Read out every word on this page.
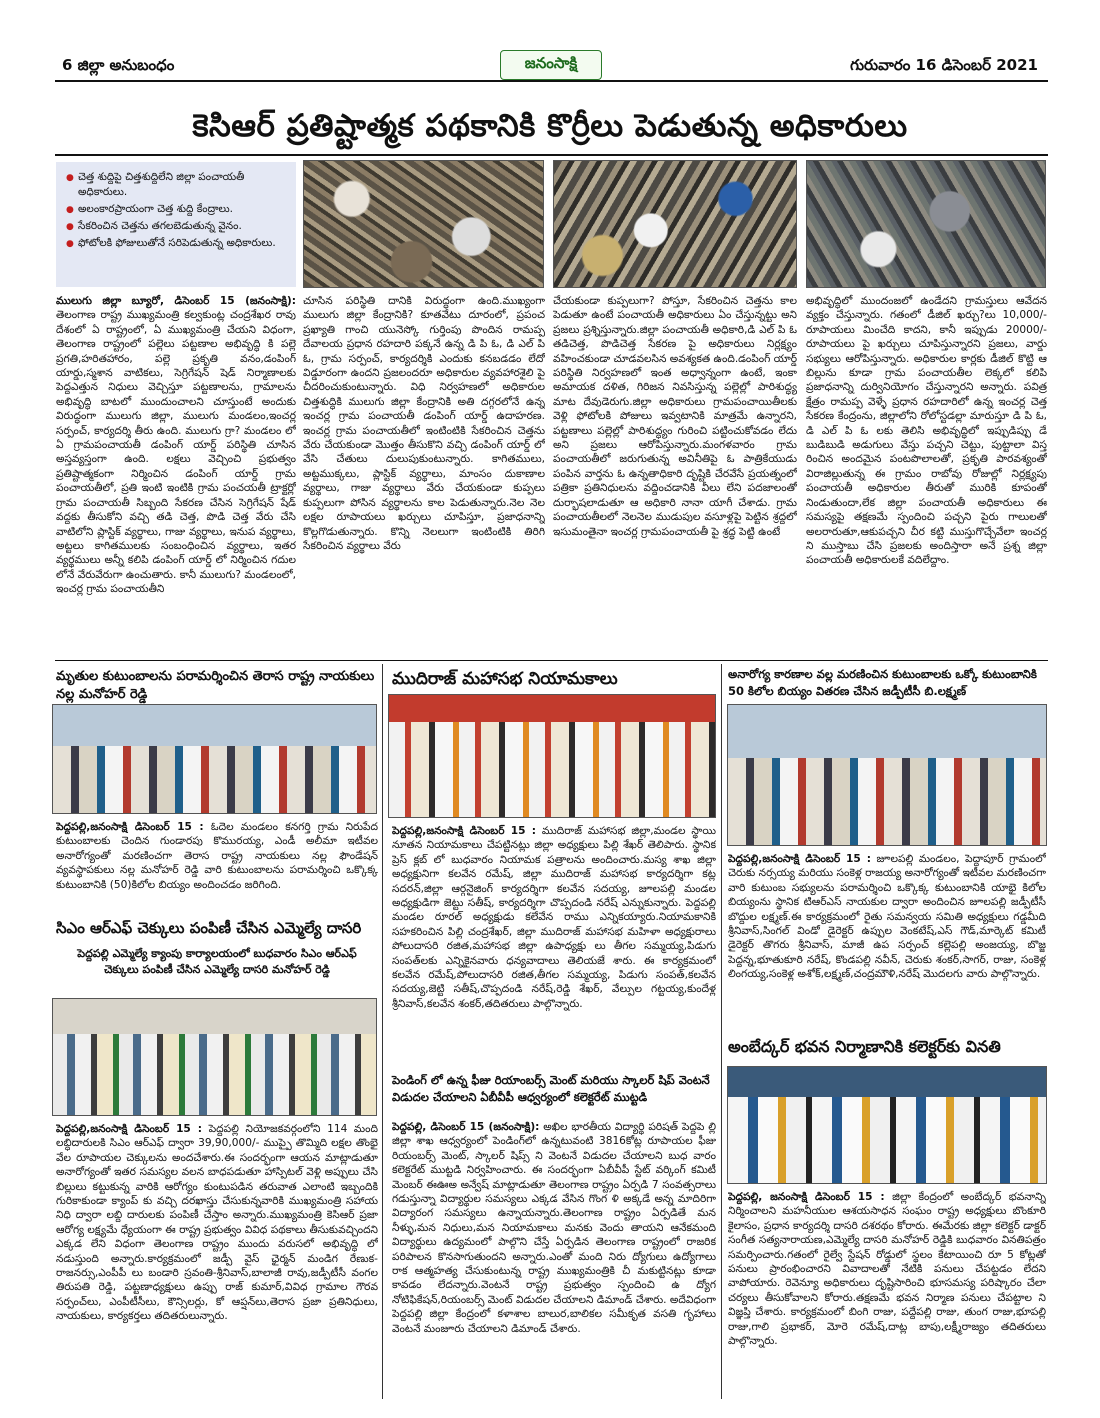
6 జిల్లా అనుబంధం	జనంసాక్షి	గురువారం 16 డిసెంబర్ 2021
కెసిఆర్ ప్రతిష్టాత్మక పథకానికి కొర్రీలు పెడుతున్న అధికారులు
● చెత్త శుద్దిపై చిత్తశుద్దిలేని జిల్లా పంచాయతీ అధికారులు.
● అలంకారప్రాయంగా చెత్త శుద్ది కేంద్రాలు.
● సేకరించిన చెత్తను తగలబెడుతున్న వైనం.
● ఫోటోలకి ఫోజులుతోనే సరిపెడుతున్న అధికారులు.
ములుగు జిల్లా బ్యూరో, డిసెంబర్ 15 (జనంసాక్షి): తెలంగాణ రాష్ట్ర ముఖ్యమంత్రి కల్వకుంట్ల చంద్రశేఖర రావు దేశంలో ఏ రాష్ట్రంలో, ఏ ముఖ్యమంత్రి చేయని విధంగా, తెలంగాణ రాష్ట్రంలో పల్లెలు పట్టణాల అభివృద్ధి కి పల్లె ప్రగతి,హరితహారం, పల్లె ప్రకృతి వనం,డంపింగ్ యార్డు,స్మశాన వాటికలు, సెగ్రిగేషన్ షెడ్ నిర్మాణాలకు పెద్దఎత్తున నిధులు వెచ్చిస్తూ పట్టణాలను, గ్రామాలను అభివృద్ధి బాటలో ముందుంచాలని చూస్తుంటే అందుకు విరుద్ధంగా ములుగు జిల్లా, ములుగు మండలం,ఇంచర్ల సర్పంచ్, కార్యదర్శి తీరు ఉంది. ములుగు గ్రా? మండలం లో ఏ గ్రామపంచాయతీ డంపింగ్ యార్డ్ పరిస్థితి చూసిన అస్తవ్యస్తంగా ఉంది. లక్షలు వెచ్చించి ప్రభుత్వం ప్రతిష్టాత్మకంగా నిర్మించిన డంపింగ్ యార్డ్ గ్రామ పంచాయతీలో, ప్రతి ఇంటి ఇంటికి గ్రామ పంచయతీ ట్రాక్టర్లో గ్రామ పంచాయతీ సిబ్బంది సేకరణ చేసిన సెగ్రిగేషన్ షేడ్ వద్దకు తీసుకోని వచ్చి తడి చెత్త, పొడి చెత్త వేరు చేసి వాటిలోని ప్లాస్టిక్ వ్యర్థాలు, గాజు వ్యర్థాలు, ఇనుప వ్యర్థాలు, అట్టలు కాగితములకు సంబంధించిన వ్యర్థాలు, ఇతర వ్యర్థములు అన్నీ కలిపి డంపింగ్ యార్డ్ లో నిర్మించిన గదుల లోనే వేరువేరుగా ఉంచుతారు. కానీ ములుగు? మండలంలో, ఇంచర్ల గ్రామ పంచాయతీని
చూసిన పరిస్థితి దానికి విరుద్ధంగా ఉంది.ముఖ్యంగా ములుగు జిల్లా కేంద్రానికి? కూతవేటు దూరంలో, ప్రపంచ ప్రఖ్యాతి గాంచి యునెస్కో గుర్తింపు పొందిన రామప్ప దేవాలయ ప్రధాన రహదారి పక్కనే ఉన్న డి పి ఓ, డి ఎల్ పి ఓ, గ్రామ సర్పంచ్, కార్యదర్శికి ఎందుకు కనబడడం లేదో విడ్డూరంగా ఉందని ప్రజలందరూ అధికారుల వ్యవహారశైలి పై చీదరించుకుంటున్నారు. విధి నిర్వహణలో అధికారుల చిత్తశుద్ధికి ములుగు జిల్లా కేంద్రానికి అతి దగ్గరలోనే ఉన్న ఇంచర్ల గ్రామ పంచాయతీ డంపింగ్ యార్డ్ ఉదాహరణ. ఇంచర్ల గ్రామ పంచాయతీలో ఇంటింటికి సేకరించిన చెత్తను వేరు చేయకుండా మొత్తం తీసుకొని వచ్చి డంపింగ్ యార్డ్ లో వేసి చేతులు దులుపుకుంటున్నారు. కాగితములు, అట్టముక్కలు, ప్లాస్టిక్ వ్యర్థాలు, మాంసం దుకాణాల వ్యర్థాలు, గాజు వ్యర్థాలు వేరు చేయకుండా కుప్పలు కుప్పలుగా పోసిన వ్యర్థాలను కాల పెడుతున్నారు.నెల నెల లక్షల రూపాయలు ఖర్చులు చూపిస్తూ, ప్రజాధనాన్ని కొల్లగొడుతున్నారు. కొన్ని నెలలుగా ఇంటింటికి తిరిగి సేకరించిన వ్యర్థాలు వేరు
చేయకుండా కుప్పలుగా? పోస్తూ, సేకరించిన చెత్తను కాల పెడుతూ ఉంటే పంచాయతీ అధికారులు ఏం చేస్తున్నట్టు అని ప్రజలు ప్రశ్నిస్తున్నారు.జిల్లా పంచాయతీ అధికారి,డి ఎల్ పి ఓ తడిచెత్త, పొడిచెత్త సేకరణ పై అధికారులు నిర్లక్ష్యం వహించకుండా చూడవలసిన అవశ్యకత ఉంది.డంపింగ్ యార్డ్ పరిస్థితి నిర్వహణలో ఇంత అధ్వాన్నంగా ఉంటే, ఇంకా అమాయక దళిత, గిరిజన నివసిస్తున్న పల్లెల్లో పారిశుద్ధ్య మాట దేవుడెరుగు.జిల్లా అధికారులు గ్రామపంచాయితీలకు వెళ్లి ఫోటోలకి పోజులు ఇవ్వటానికి మాత్రమే ఉన్నారని, పట్టణాలు పల్లెల్లో పారిశుద్ధ్యం గురించి పట్టించుకోవడం లేదు అని ప్రజలు ఆరోపిస్తున్నారు.మంగళవారం గ్రామ పంచాయతీలో జరుగుతున్న అవినీతిపై ఓ పాత్రికేయుడు పంపిన వార్తను ఓ ఉన్నతాధికారి దృష్టికి చేరవేసే ప్రయత్నంలో పత్రికా ప్రతినిధులను వద్దించడానికి వీలు లేని పదజాలంతో దుర్భాషలాడుతూ ఆ అధికారి నానా యాగీ చేశాడు. గ్రామ పంచాయతీలలో నెలనెల ముడుపుల వసూళ్లపై పెట్టిన శ్రద్దలో ఇసుమంతైనా ఇంచర్ల గ్రామపంచాయతీ పై శ్రద్ధ పెట్టి ఉంటే
అభివృద్ధిలో ముందంజలో ఉండేదని గ్రామస్తులు ఆవేదన వ్యక్తం చేస్తున్నారు. గతంలో డీజిల్ ఖర్చు?లు 10,000/- రూపాయలు మించేది కాదని, కానీ ఇప్పుడు 20000/- రూపాయలు పై ఖర్చులు చూపిస్తున్నారని ప్రజలు, వార్డు సభ్యులు ఆరోపిస్తున్నారు. అధికారుల కార్లకు డీజిల్ కొట్టి ఆ బిల్లును కూడా గ్రామ పంచాయతీల లెక్కలో కలిపి ప్రజాధనాన్ని దుర్వినియోగం చేస్తున్నారని అన్నారు. పవిత్ర క్షేత్రం రామప్ప వెళ్ళే ప్రధాన రహదారిలో ఉన్న ఇంచర్ల చెత్త సేకరణ కేంద్రంను, జిల్లాలోని రోలోస్టడల్లా మారుస్తూ డి పి ఓ, డి ఎల్ పి ఓ లకు తెలిసి అభివృద్ధిలో ఇప్పుడిప్పు డే బుడిబుడి అడుగులు వేస్తు పచ్చని చెట్టు, పుట్టాలా విస్త రించిన అందమైన పంటపొలాలతో, ప్రకృతి పారవశ్యంతో విరాజిల్లుతున్న ఈ గ్రామం రాబోవు రోజుల్లో నిర్లక్ష్యపు పంచాయతీ అధికారుల తీరుతో మురికి కూపంతో నిండుతుందా,లేక జిల్లా పంచాయతీ అధికారులు ఈ సమస్యపై తక్షణమే స్పందించి పచ్చని పైరు గాలులతో అలరారుతూ,ఆకుపచ్చని చీర కట్టి ముస్తుగొచ్చేవేలా ఇంచర్ల ని ముస్తాబు చేసి ప్రజలకు అందిస్తారా అనే ప్రశ్న జిల్లా పంచాయతీ అధికారులకే వదిలేద్దాం.
మృతుల కుటుంబాలను పరామర్శించిన తెరాస రాష్ట్ర నాయకులు నల్ల మనోహర్ రెడ్డి
పెద్దపల్లి,జనంసాక్షి డిసెంబర్ 15 : ఓదెల మండలం కనగర్తి గ్రామ నిరుపేద కుటుంబాలకు చెందిన గుండారపు కొమురయ్య, ఎండీ అలీమా ఇటీవల అనారోగ్యంతో మరణించగా తెరాస రాష్ట్ర నాయకులు నల్ల ఫౌండేషన్ వ్యవస్థాపకులు నల్ల మనోహర్ రెడ్డి వారి కుటుంబాలను పరామర్శించి ఒక్కొక్క కుటుంబానికి (50)కిలోల బియ్యం అందించడం జరిగింది.
సిఎం ఆర్ఎఫ్ చెక్కులు పంపిణీ చేసిన ఎమ్మెల్యే దాసరి
పెద్దపల్లి ఎమ్మెల్యే క్యాంపు కార్యాలయంలో బుధవారం సిఎం ఆర్ఎఫ్ చెక్కులు పంపిణీ చేసిన ఎమ్మెల్యే దాసరి మనోహర్ రెడ్డి
పెద్దపల్లి,జనంసాక్షి డిసెంబర్ 15 : పెద్దపల్లి నియోజకవర్గంలోని 114 మంది లబ్ధిదారులకి సిఎం ఆర్ఎఫ్ ద్వారా 39,90,000/- ముప్పై తొమ్మిది లక్షల తొంభై వేల రూపాయల చెక్కులను అందచేశారు.ఈ సందర్భంగా ఆయన మాట్లాడుతూ అనారోగ్యంతో ఇతర సమస్యల వలన బాధపడుతూ హాస్పిటల్ వెళ్లి అప్పులు చేసి బిల్లులు కట్టుకున్న వారికి ఆరోగ్యం కుంటుపడిన తరువాత ఎలాంటి ఇబ్బందికి గురికాకుండా క్యాంప్ కు వచ్చి దరఖాస్తు చేసుకున్నవారికి ముఖ్యమంత్రి సహాయ నిధి ద్వారా లబ్ది దారులకు పంపిణీ చేస్తాం అన్నారు.ముఖ్యమంత్రి కెసిఆర్ ప్రజా ఆరోగ్య లక్ష్యమే ధ్యేయంగా ఈ రాష్ట్ర ప్రభుత్వం వివిధ పథకాలు తీసుకువచ్చిందని ఎక్కడ లేని విధంగా తెలంగాణ రాష్ట్రం ముందు వరుసలో అభివృద్ధి లో నడుస్తుంది అన్నారు.కార్యక్రమంలో జడ్పీ వైస్ ఛైర్మన్ మండిగ రేణుక-రాజనర్సు,ఎంపీపీ లు బండారి స్రవంతి-శ్రీనివాస్,బాలాజీ రావు,జడ్పీటీసీ వంగల తిరుపతి రెడ్డి, పట్టణాధ్యక్షులు ఉప్పు రాజ్ కుమార్,వివిధ గ్రామాల గౌరవ సర్పంచ్‌లు, ఎంపీటీసీలు, కౌన్సిలర్లు, కో ఆప్షన్‌లు,తెరాస ప్రజా ప్రతినిధులు, నాయకులు, కార్యకర్తలు తదితరులున్నారు.
ముదిరాజ్ మహాసభ నియామకాలు
పెద్దపల్లి,జనంసాక్షి డిసెంబర్ 15 : ముదిరాజ్ మహాసభ జిల్లా,మండల స్థాయి నూతన నియామకాలు చేపట్టినట్లు జిల్లా అధ్యక్షులు పిల్లి శేఖర్ తెలిపారు. స్థానిక ప్రెస్ క్లబ్ లో బుధవారం నియామక పత్రాలను అందించారు.మస్య శాఖ జిల్లా అధ్యక్షునిగా కలవేన రమేష్, జిల్లా ముదిరాజ్ మహాసభ కార్యదర్శిగా కట్ల సదరన్,జిల్లా ఆర్గనైజింగ్ కార్యదర్శిగా కలవేన సదయ్య, జూలపల్లి మండల అధ్యక్షుడిగా జెట్టు సతీష్, కార్యదర్శిగా చొప్పదండి నరేష్ ఎన్నుకున్నారు. పెద్దపల్లి మండల రూరల్ అధ్యక్షుడు కలేవేన రాము ఎన్నికయ్యారు.నియామకానికి సహకరించిన పిల్లి చంద్రశేఖర్, జిల్లా ముదిరాజ్ మహాసభ మహిళా అధ్యక్షురాలు పోలుదాసరి రజిత,మహాసభ జిల్లా ఉపాధ్యక్షు లు తీగల సమ్మయ్య,పిడుగు సంపత్‌లకు ఎన్నికైనవారు ధన్యవాదాలు తెలియజే శారు. ఈ కార్యక్రమంలో కలవేన రమేష్,పోలుదాసరి రజిత,తీగల సమ్మయ్య, పిడుగు సంపత్,కలవేన సదయ్య,జెట్టి సతీష్,చొప్పదండి నరేష్,రెడ్డి శేఖర్, వేల్పుల గట్టయ్య,కుందేళ్ల శ్రీనివాస్,కలవేన శంకర్,తదితరులు పాల్గొన్నారు.
పెండింగ్ లో ఉన్న ఫీజు రియాంబర్స్ మెంట్ మరియు స్కాలర్ షిప్ వెంటనే విడుదల చేయాలని ఏబీవీపీ ఆధ్వర్యంలో కలెక్టరేట్ ముట్టడి
పెద్దపల్లి, డిసెంబర్ 15 (జనంసాక్షి): అఖిల భారతీయ విద్యార్థి పరిషత్ పెద్దపె ల్లి జిల్లా శాఖ ఆధ్వర్యంలో పెండింగ్‌లో ఉన్నటువంటి 3816కోట్ల రూపాయల ఫీజు రియంబర్స్ మెంట్, స్కాలర్ షిప్స్ ని వెంటనే విడుదల చేయాలని బుధ వారం కలెక్టరేట్ ముట్టడి నిర్వహించారు. ఈ సందర్భంగా ఏబీవీపీ స్టేట్ వర్కింగ్ కమిటీ మెంబర్ ఈఊఅ అన్వేష్ మాట్లాడుతూ తెలంగాణ రాష్ట్రం ఏర్పడి 7 సంవత్సరాలు గడుస్తున్నా విద్యార్థుల సమస్యలు ఎక్కడ వేసిన గొంగ ళి అక్కడే అన్న మాదిరిగా విద్యారంగ సమస్యలు ఉన్నాయన్నారు.తెలంగాణ రాష్ట్రం ఏర్పడితే మన నీళ్ళు,మన నిధులు,మన నియామకాలు మనకు వెందు తాయని ఆనేకమంది విద్యార్థులు ఉద్యమంలో పాల్గొని చేస్తే ఏర్పడిన తెలంగాణ రాష్ట్రంలో రాజరిక పరిపాలన కొనసాగుతుందని అన్నారు.ఎంతో మంది నిరు ద్యోగులు ఉద్యోగాలు రాక ఆత్మహత్య చేసుకుంటున్న రాష్ట్ర ముఖ్యమంత్రికి చీ మకుట్టినట్లు కూడా కావడం లేదన్నారు.వెంటనే రాష్ట్ర ప్రభుత్వం స్పందించి ఉ ద్యోగ నోటిఫికేషన్,రియంబర్స్ మెంట్ విడుదల చేయాలని డిమాండ్ చేశారు. అదేవిధంగా పెద్దపల్లి జిల్లా కేంద్రంలో కళాశాల బాలుర,బాలికల సమీకృత వసతి గృహాలు వెంటనే మంజూరు చేయాలని డిమాండ్ చేశారు.
అనారోగ్య కారణాల వల్ల మరణించిన కుటుంబాలకు ఒక్కో కుటుంబానికి 50 కిలోల బియ్యం వితరణ చేసిన జడ్పీటీసీ బి.లక్ష్మణ్
పెద్దపల్లి,జనంసాక్షి డిసెంబర్ 15 : జూలపల్లి మండలం, పెద్దాపూర్ గ్రామంలో చెరుకు నర్సయ్య మరియు సంకెళ్ల రాజయ్య అనారోగ్యంతో ఇటీవల మరణించగా వారి కుటుంబ సభ్యులను పరామర్శించి ఒక్కొక్క కుటుంబానికి యాభై కిలోల బియ్యంను స్థానిక టిఆర్ఎస్ నాయకుల ద్వారా అందించిన జూలపల్లి జడ్పీటీసీ బొద్దుల లక్ష్మణ్.ఈ కార్యక్రమంలో రైతు సమన్వయ సమితి అధ్యక్షులు గడ్డమీది శ్రీనివాస్,సింగల్ విండో డైరెక్టర్ ఉప్పుల వెంకటేష్,ఎస్ గౌడ్,మార్కెట్ కమిటీ డైరెక్టర్ తొగరు శ్రీనివాస్, మాజీ ఉప సర్పంచ్ కల్లెపల్లి అంజయ్య, బొజ్జ పెద్దన్న,భూతుకూరి నరేష్, కొండపల్లి నవీన్, చెరుకు శంకర్,సాగర్, రాజు, సంకెళ్ల లింగయ్య,సంకెళ్ల అశోక్,లక్ష్మణ్,చంద్రమౌళి,నరేష్ మొదలగు వారు పాల్గొన్నారు.
అంబేద్కర్ భవన నిర్మాణానికి కలెక్టర్‌కు వినతి
పెద్దపల్లి, జనంసాక్షి డిసెంబర్ 15 : జిల్లా కేంద్రంలో అంబేద్కర్ భవనాన్ని నిర్మించాలని మహనీయుల ఆశయసాధన సంఘం రాష్ట్ర అధ్యక్షులు బొంకూరి కైలాసం, ప్రధాన కార్యదర్శి దాసరి దశరథం కోరారు. ఈమేరకు జిల్లా కలెక్టర్ డాక్టర్ సంగీత సత్యనారాయణ,ఎమ్మెల్యే దాసరి మనోహర్ రెడ్డికి బుధవారం వినతిపత్రం సమర్పించారు.గతంలో రైల్వే స్టేషన్ రోడ్డులో స్థలం కేటాయించి రూ 5 కోట్లతో పనులు ప్రారంభించారని వివాదాలతో నేటికి పనులు చేపట్టడం లేదని వాపోయారు. రెవెన్యూ అధికారులు దృష్టిసారించి భూసమస్య పరిష్కారం చేలా చర్యలు తీసుకోవాలని కోరారు.తక్షణమే భవన నిర్మాణ పనులు చేపట్టాల ని విజ్ఞప్తి చేశారు. కార్యక్రమంలో బింగి రాజు, పద్దేపల్లి రాజు, తుంగ రాజు,భూపల్లి రాజు,గాలి ప్రభాకర్, మోరె రమేష్,దాట్ల బాపు,లక్ష్మీరాజ్యం తదితరులు పాల్గొన్నారు.
